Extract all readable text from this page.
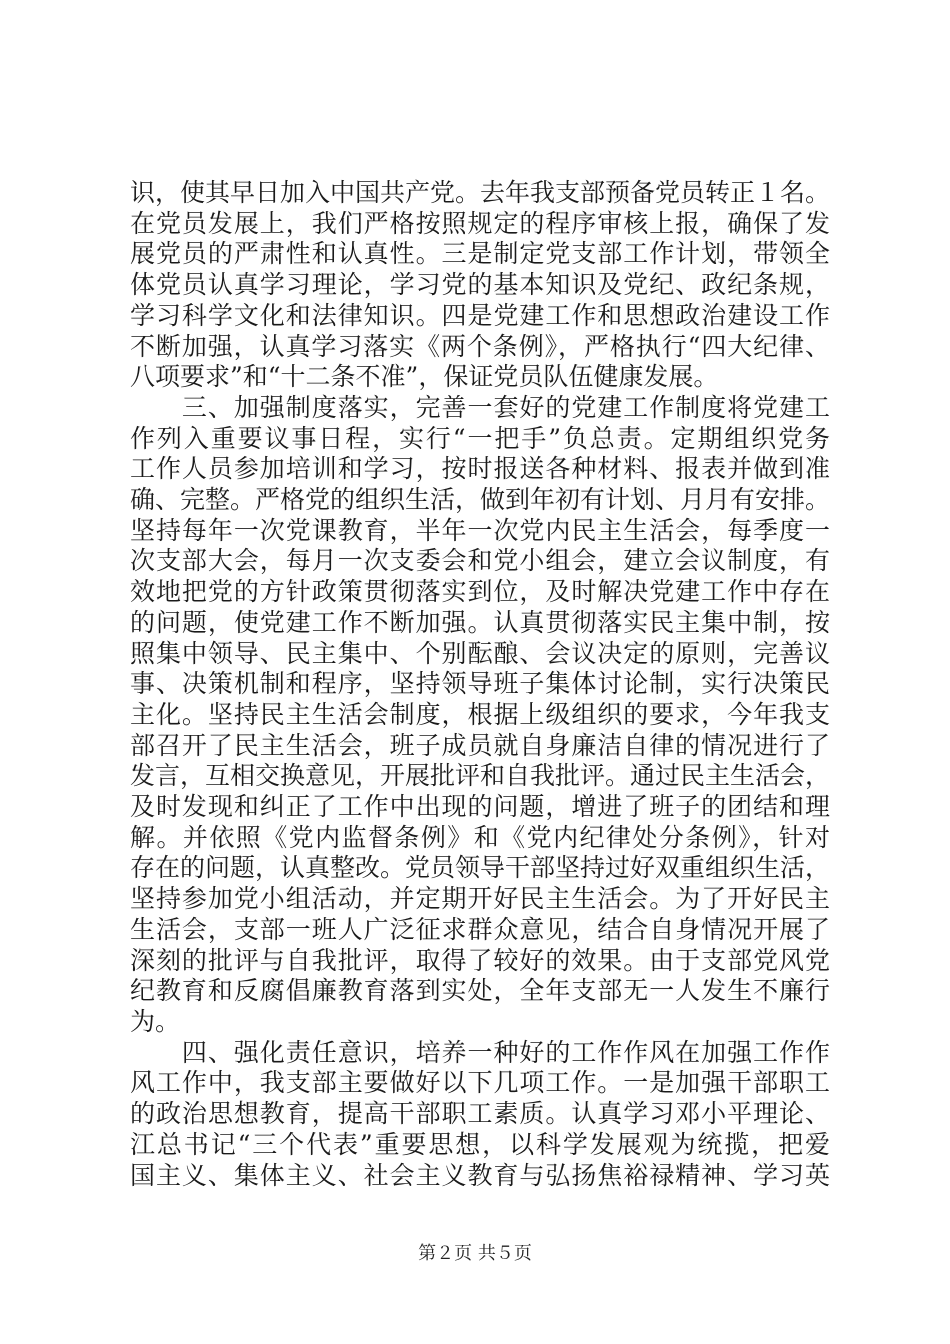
识，使其早日加入中国共产党。去年我支部预备党员转正１名。
在党员发展上，我们严格按照规定的程序审核上报，确保了发
展党员的严肃性和认真性。三是制定党支部工作计划，带领全
体党员认真学习理论，学习党的基本知识及党纪、政纪条规，
学习科学文化和法律知识。四是党建工作和思想政治建设工作
不断加强，认真学习落实《两个条例》，严格执行“四大纪律、
八项要求”和“十二条不准”，保证党员队伍健康发展。
　　三、加强制度落实，完善一套好的党建工作制度将党建工
作列入重要议事日程，实行“一把手”负总责。定期组织党务
工作人员参加培训和学习，按时报送各种材料、报表并做到准
确、完整。严格党的组织生活，做到年初有计划、月月有安排。
坚持每年一次党课教育，半年一次党内民主生活会，每季度一
次支部大会，每月一次支委会和党小组会，建立会议制度，有
效地把党的方针政策贯彻落实到位，及时解决党建工作中存在
的问题，使党建工作不断加强。认真贯彻落实民主集中制，按
照集中领导、民主集中、个别酝酿、会议决定的原则，完善议
事、决策机制和程序，坚持领导班子集体讨论制，实行决策民
主化。坚持民主生活会制度，根据上级组织的要求，今年我支
部召开了民主生活会，班子成员就自身廉洁自律的情况进行了
发言，互相交换意见，开展批评和自我批评。通过民主生活会，
及时发现和纠正了工作中出现的问题，增进了班子的团结和理
解。并依照《党内监督条例》和《党内纪律处分条例》，针对
存在的问题，认真整改。党员领导干部坚持过好双重组织生活，
坚持参加党小组活动，并定期开好民主生活会。为了开好民主
生活会，支部一班人广泛征求群众意见，结合自身情况开展了
深刻的批评与自我批评，取得了较好的效果。由于支部党风党
纪教育和反腐倡廉教育落到实处，全年支部无一人发生不廉行
为。
　　四、强化责任意识，培养一种好的工作作风在加强工作作
风工作中，我支部主要做好以下几项工作。一是加强干部职工
的政治思想教育，提高干部职工素质。认真学习邓小平理论、
江总书记“三个代表”重要思想，以科学发展观为统揽，把爱
国主义、集体主义、社会主义教育与弘扬焦裕禄精神、学习英
第２页 共５页
